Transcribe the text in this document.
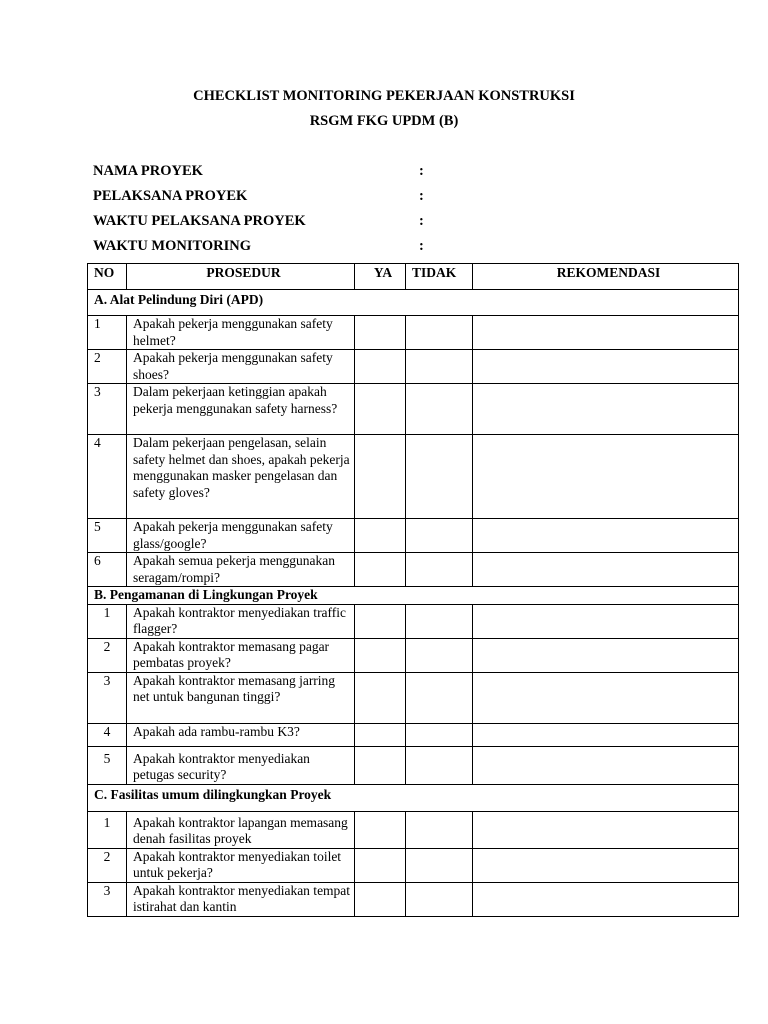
CHECKLIST MONITORING PEKERJAAN KONSTRUKSI
RSGM FKG UPDM (B)
NAMA PROYEK	:
PELAKSANA PROYEK	:
WAKTU PELAKSANA PROYEK	:
WAKTU MONITORING	:
NO	PROSEDUR	YA	TIDAK	REKOMENDASI
A. Alat Pelindung Diri (APD)				
1	Apakah pekerja menggunakan safety helmet?			
2	Apakah pekerja menggunakan safety shoes?			
3	Dalam pekerjaan ketinggian apakah pekerja menggunakan safety harness?			
4	Dalam pekerjaan pengelasan, selain safety helmet dan shoes, apakah pekerja menggunakan masker pengelasan dan safety gloves?			
5	Apakah pekerja menggunakan safety glass/google?			
6	Apakah semua pekerja menggunakan seragam/rompi?			
B. Pengamanan di Lingkungan Proyek				
1	Apakah kontraktor menyediakan traffic flagger?			
2	Apakah kontraktor memasang pagar pembatas proyek?			
3	Apakah kontraktor memasang jarring net untuk bangunan tinggi?			
4	Apakah ada rambu-rambu K3?			
5	Apakah kontraktor menyediakan petugas security?			
C. Fasilitas umum dilingkungkan Proyek				
1	Apakah kontraktor lapangan memasang denah fasilitas proyek			
2	Apakah kontraktor menyediakan toilet untuk pekerja?			
3	Apakah kontraktor menyediakan tempat istirahat dan kantin			
